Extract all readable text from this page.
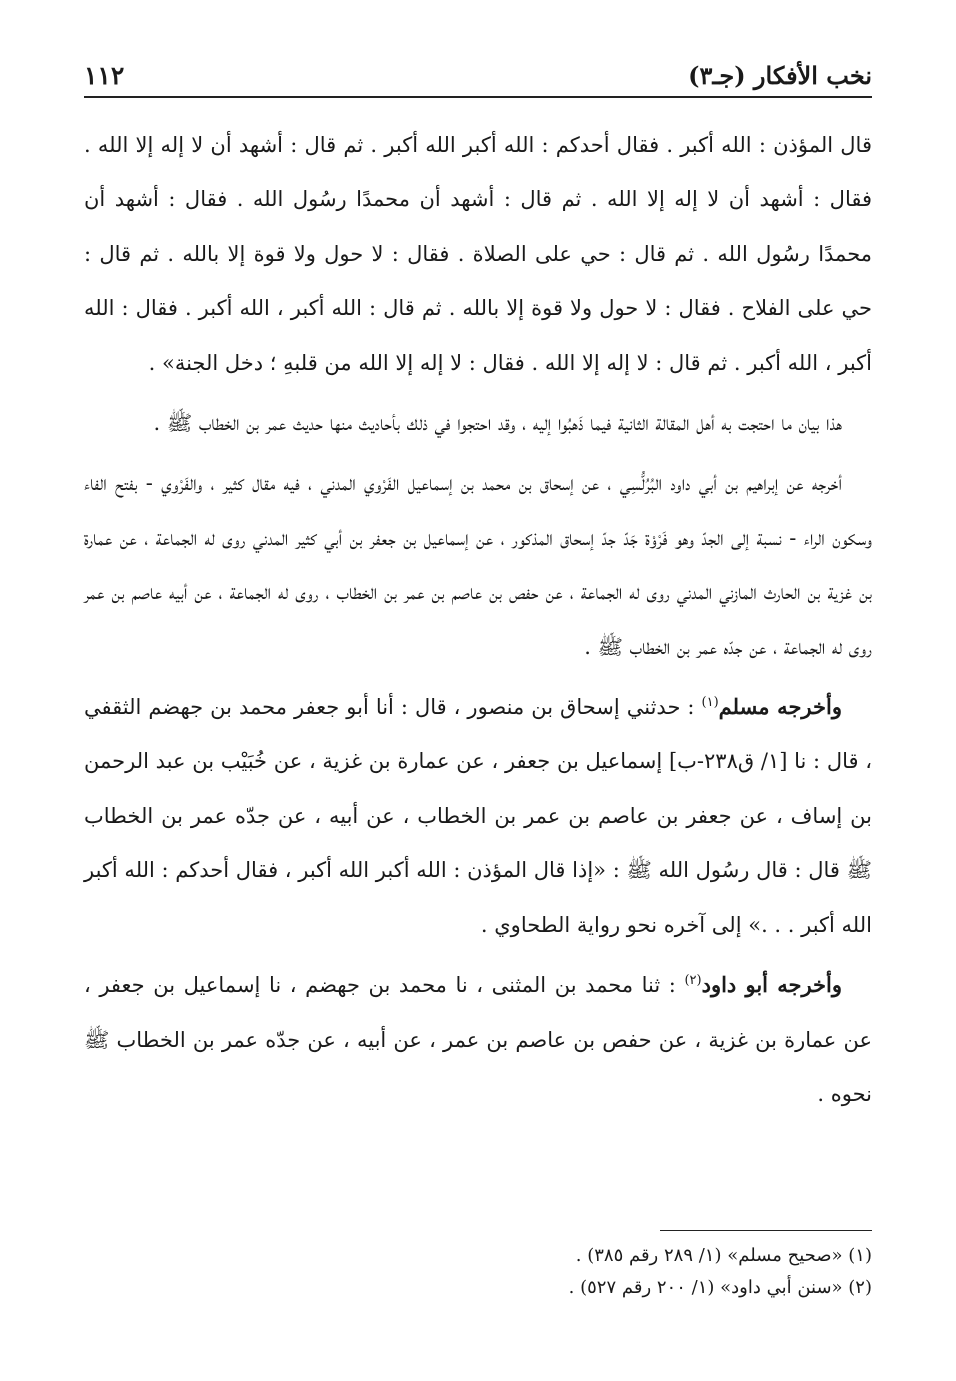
١١٢	نخب الأفكار (جـ٣)

قال المؤذن : الله أكبر . فقال أحدكم : الله أكبر الله أكبر . ثم قال : أشهد أن لا إله إلا الله . فقال : أشهد أن لا إله إلا الله . ثم قال : أشهد أن محمدًا رسُول الله . فقال : أشهد أن محمدًا رسُول الله . ثم قال : حي على الصلاة . فقال : لا حول ولا قوة إلا بالله . ثم قال : حي على الفلاح . فقال : لا حول ولا قوة إلا بالله . ثم قال : الله أكبر ، الله أكبر . فقال : الله أكبر ، الله أكبر . ثم قال : لا إله إلا الله . فقال : لا إله إلا الله من قلبهِ ؛ دخل الجنة» .

هذا بيان ما احتجت به أهل المقالة الثانية فيما ذَهبُوا إليه ، وقد احتجوا في ذلك بأحاديث منها حديث عمر بن الخطاب ﷺ .

أخرجه عن إبراهيم بن أبي داود البُرُلُّسِي ، عن إسحاق بن محمد بن إسماعيل الفَرْوي المدني ، فيه مقال كثير ، والفَرْوي - بفتح الفاء وسكون الراء - نسبة إلى الجدّ وهو فَرْوْة جَدّ جدّ إسحاق المذكور ، عن إسماعيل بن جعفر بن أبي كثير المدني روى له الجماعة ، عن عمارة بن غزية بن الحارث المازني المدني روى له الجماعة ، عن حفص بن عاصم بن عمر بن الخطاب ، روى له الجماعة ، عن أبيه عاصم بن عمر روى له الجماعة ، عن جدّه عمر بن الخطاب ﷺ .

وأخرجه مسلم$^{(١)}$ : حدثني إسحاق بن منصور ، قال : أنا أبو جعفر محمد بن جهضم الثقفي ، قال : نا [١/ ق٢٣٨-ب] إسماعيل بن جعفر ، عن عمارة بن غزية ، عن خُبَيْب بن عبد الرحمن بن إساف ، عن جعفر بن عاصم بن عمر بن الخطاب ، عن أبيه ، عن جدّه عمر بن الخطاب ﷺ قال : قال رسُول الله ﷺ : «إذا قال المؤذن : الله أكبر الله أكبر ، فقال أحدكم : الله أكبر الله أكبر . . .» إلى آخره نحو رواية الطحاوي .

وأخرجه أبو داود$^{(٢)}$ : ثنا محمد بن المثنى ، نا محمد بن جهضم ، نا إسماعيل بن جعفر ، عن عمارة بن غزية ، عن حفص بن عاصم بن عمر ، عن أبيه ، عن جدّه عمر بن الخطاب ﷺ نحوه .

(١) «صحيح مسلم» (١/ ٢٨٩ رقم ٣٨٥) .

(٢) «سنن أبي داود» (١/ ٢٠٠ رقم ٥٢٧) .
